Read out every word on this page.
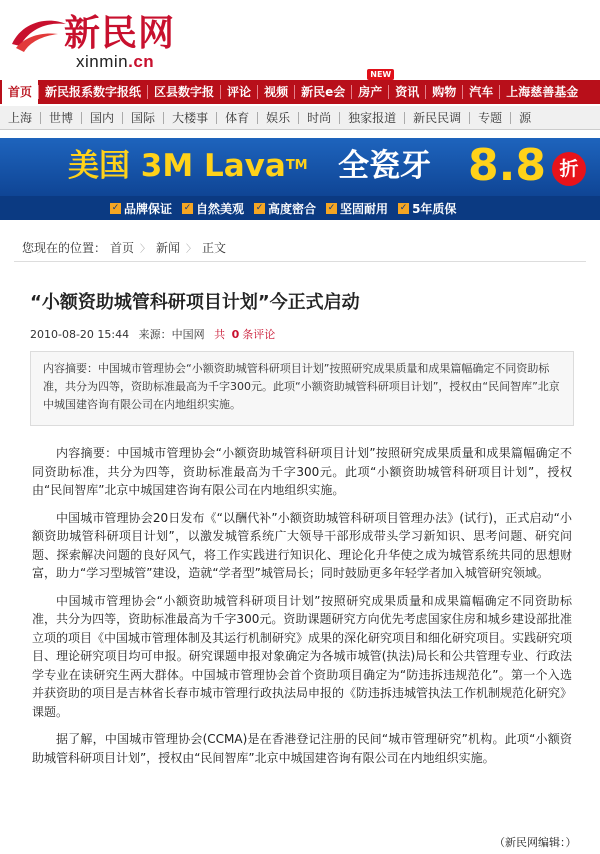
新民网
xinmin.cn
首页	新民报系数字报纸	区县数字报	评论	视频	新民e会	房产
NEW
资讯	购物	汽车	上海慈善基金
上海	世博	国内	国际	大楼事	体育	娱乐	时尚	独家报道	新民民调	专题	源
美国 3M Lava™ 全瓷牙 8.8 折
✓ 品牌保证 ✓ 自然美观 ✓ 高度密合 ✓ 坚固耐用 ✓ 5年质保
您现在的位置： 首页 〉 新闻 〉 正文
“小额资助城管科研项目计划”今正式启动
2010-08-20 15:44 来源：中国网 共 0 条评论
内容摘要：中国城市管理协会“小额资助城管科研项目计划”按照研究成果质量和成果篇幅确定不同资助标准，共分为四等，资助标准最高为千字300元。此项“小额资助城管科研项目计划”，授权由“民间智库”北京中城国建咨询有限公司在内地组织实施。

内容摘要：中国城市管理协会“小额资助城管科研项目计划”按照研究成果质量和成果篇幅确定不同资助标准，共分为四等，资助标准最高为千字300元。此项“小额资助城管科研项目计划”，授权由“民间智库”北京中城国建咨询有限公司在内地组织实施。

中国城市管理协会20日发布《“以酬代补”小额资助城管科研项目管理办法》(试行)，正式启动“小额资助城管科研项目计划”，以激发城管系统广大领导干部形成带头学习新知识、思考问题、研究问题、探索解决问题的良好风气，将工作实践进行知识化、理论化升华使之成为城管系统共同的思想财富，助力“学习型城管”建设，造就“学者型”城管局长；同时鼓励更多年轻学者加入城管研究领域。

中国城市管理协会“小额资助城管科研项目计划”按照研究成果质量和成果篇幅确定不同资助标准，共分为四等，资助标准最高为千字300元。资助课题研究方向优先考虑国家住房和城乡建设部批准立项的项目《中国城市管理体制及其运行机制研究》成果的深化研究项目和细化研究项目。实践研究项目、理论研究项目均可申报。研究课题申报对象确定为各城市城管(执法)局长和公共管理专业、行政法学专业在读研究生两大群体。中国城市管理协会首个资助项目确定为“防违拆违规范化”。第一个入选并获资助的项目是吉林省长春市城市管理行政执法局申报的《防违拆违城管执法工作机制规范化研究》课题。

据了解，中国城市管理协会(CCMA)是在香港登记注册的民间“城市管理研究”机构。此项“小额资助城管科研项目计划”，授权由“民间智库”北京中城国建咨询有限公司在内地组织实施。

（新民网编辑：）
